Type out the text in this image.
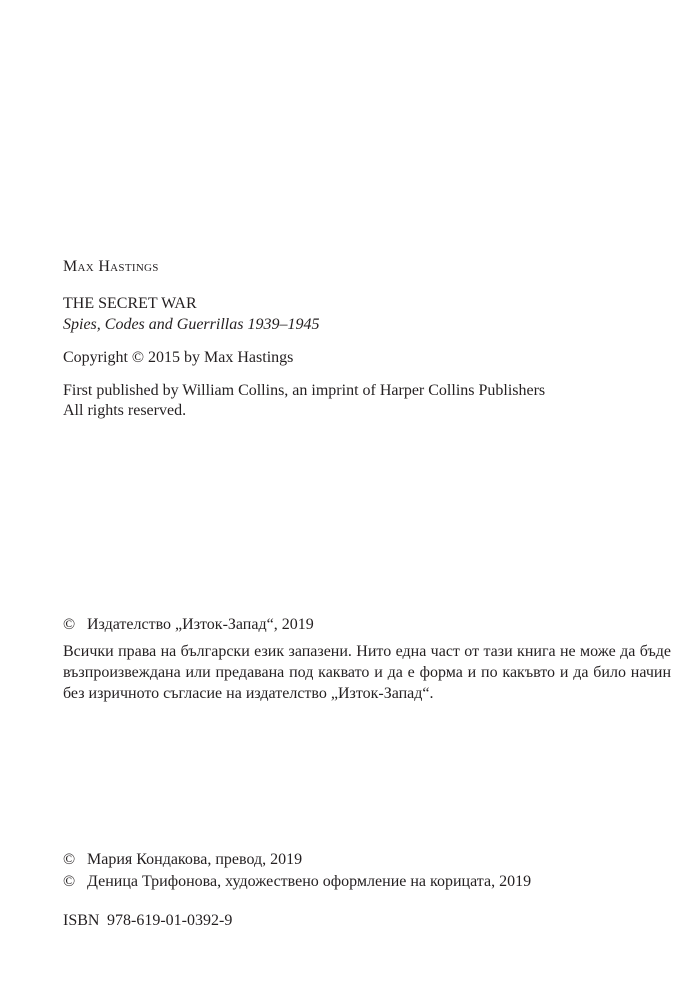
Max Hastings
THE SECRET WAR
Spies, Codes and Guerrillas 1939–1945
Copyright © 2015 by Max Hastings
First published by William Collins, an imprint of Harper Collins Publishers
All rights reserved.
© Издателство „Изток-Запад“, 2019
Всички права на български език запазени. Нито една част от тази книга не може да бъде възпроизвеждана или предавана под каквато и да е форма и по какъвто и да било начин без изричното съгласие на издателство „Изток-Запад“.
© Мария Кондакова, превод, 2019
© Деница Трифонова, художествено оформление на корицата, 2019
ISBN 978-619-01-0392-9
